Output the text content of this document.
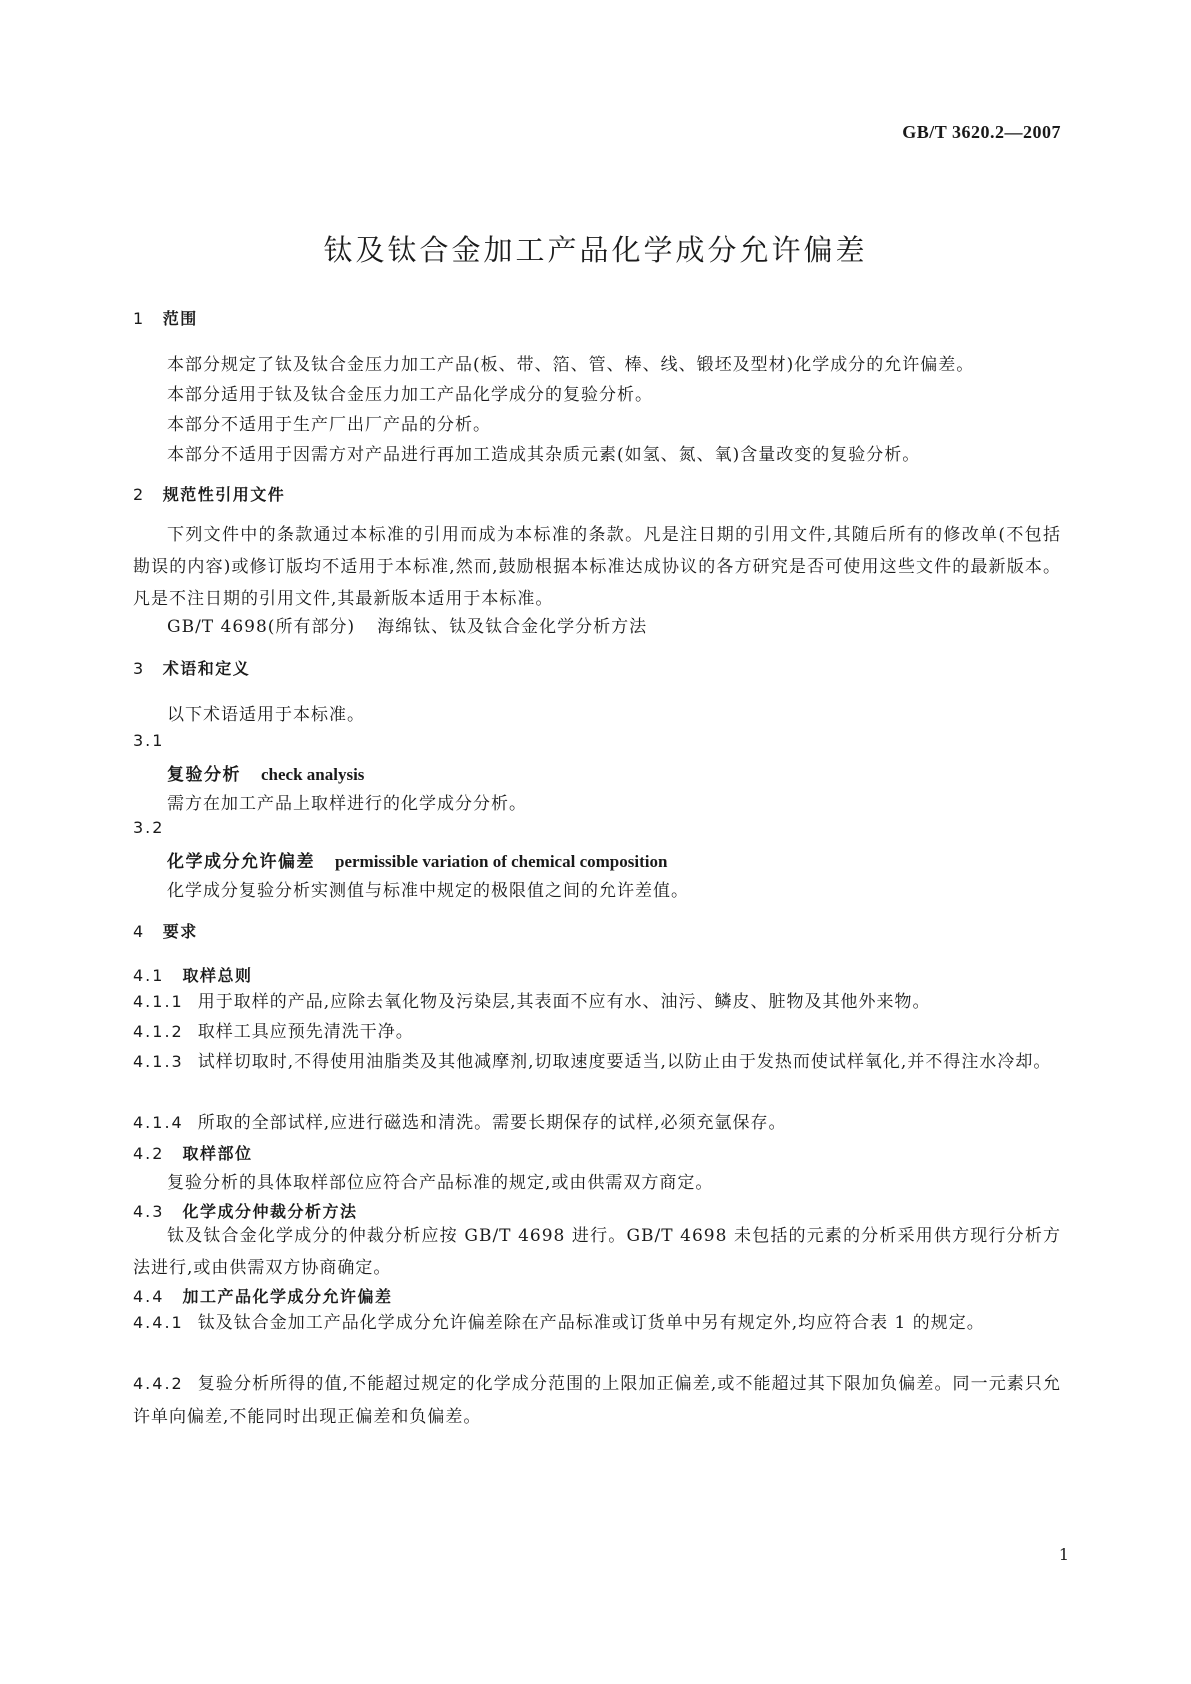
GB/T 3620.2—2007
钛及钛合金加工产品化学成分允许偏差
1 范围
本部分规定了钛及钛合金压力加工产品(板、带、箔、管、棒、线、锻坯及型材)化学成分的允许偏差。
本部分适用于钛及钛合金压力加工产品化学成分的复验分析。
本部分不适用于生产厂出厂产品的分析。
本部分不适用于因需方对产品进行再加工造成其杂质元素(如氢、氮、氧)含量改变的复验分析。
2 规范性引用文件
下列文件中的条款通过本标准的引用而成为本标准的条款。凡是注日期的引用文件,其随后所有的修改单(不包括勘误的内容)或修订版均不适用于本标准,然而,鼓励根据本标准达成协议的各方研究是否可使用这些文件的最新版本。凡是不注日期的引用文件,其最新版本适用于本标准。
GB/T 4698(所有部分) 海绵钛、钛及钛合金化学分析方法
3 术语和定义
以下术语适用于本标准。
3.1
复验分析 check analysis
需方在加工产品上取样进行的化学成分分析。
3.2
化学成分允许偏差 permissible variation of chemical composition
化学成分复验分析实测值与标准中规定的极限值之间的允许差值。
4 要求
4.1 取样总则
4.1.1 用于取样的产品,应除去氧化物及污染层,其表面不应有水、油污、鳞皮、脏物及其他外来物。
4.1.2 取样工具应预先清洗干净。
4.1.3 试样切取时,不得使用油脂类及其他减摩剂,切取速度要适当,以防止由于发热而使试样氧化,并不得注水冷却。
4.1.4 所取的全部试样,应进行磁选和清洗。需要长期保存的试样,必须充氩保存。
4.2 取样部位
复验分析的具体取样部位应符合产品标准的规定,或由供需双方商定。
4.3 化学成分仲裁分析方法
钛及钛合金化学成分的仲裁分析应按 GB/T 4698 进行。GB/T 4698 未包括的元素的分析采用供方现行分析方法进行,或由供需双方协商确定。
4.4 加工产品化学成分允许偏差
4.4.1 钛及钛合金加工产品化学成分允许偏差除在产品标准或订货单中另有规定外,均应符合表 1 的规定。
4.4.2 复验分析所得的值,不能超过规定的化学成分范围的上限加正偏差,或不能超过其下限加负偏差。同一元素只允许单向偏差,不能同时出现正偏差和负偏差。
1
